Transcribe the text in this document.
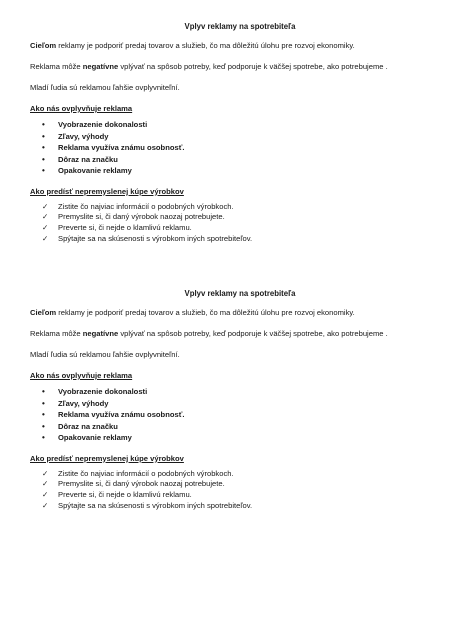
Vplyv reklamy na spotrebiteľa
Cieľom reklamy je podporiť predaj tovarov a služieb, čo ma dôležitú úlohu pre rozvoj ekonomiky.
Reklama môže negatívne vplývať na spôsob potreby, keď podporuje k väčšej spotrebe, ako potrebujeme .
Mladí ľudia sú reklamou ľahšie ovplyvniteľní.
Ako nás ovplyvňuje reklama
• Vyobrazenie dokonalosti
• Zľavy, výhody
• Reklama využíva známu osobnosť.
• Dôraz na značku
• Opakovanie reklamy
Ako predísť nepremyslenej kúpe výrobkov
✓ Zistite čo najviac informácií o podobných výrobkoch.
✓ Premyslite si, či daný výrobok naozaj potrebujete.
✓ Preverte si, či nejde o klamlivú reklamu.
✓ Spýtajte sa na skúsenosti s výrobkom iných spotrebiteľov.
Vplyv reklamy na spotrebiteľa
Cieľom reklamy je podporiť predaj tovarov a služieb, čo ma dôležitú úlohu pre rozvoj ekonomiky.
Reklama môže negatívne vplývať na spôsob potreby, keď podporuje k väčšej spotrebe, ako potrebujeme .
Mladí ľudia sú reklamou ľahšie ovplyvniteľní.
Ako nás ovplyvňuje reklama
• Vyobrazenie dokonalosti
• Zľavy, výhody
• Reklama využíva známu osobnosť.
• Dôraz na značku
• Opakovanie reklamy
Ako predísť nepremyslenej kúpe výrobkov
✓ Zistite čo najviac informácií o podobných výrobkoch.
✓ Premyslite si, či daný výrobok naozaj potrebujete.
✓ Preverte si, či nejde o klamlivú reklamu.
✓ Spýtajte sa na skúsenosti s výrobkom iných spotrebiteľov.
